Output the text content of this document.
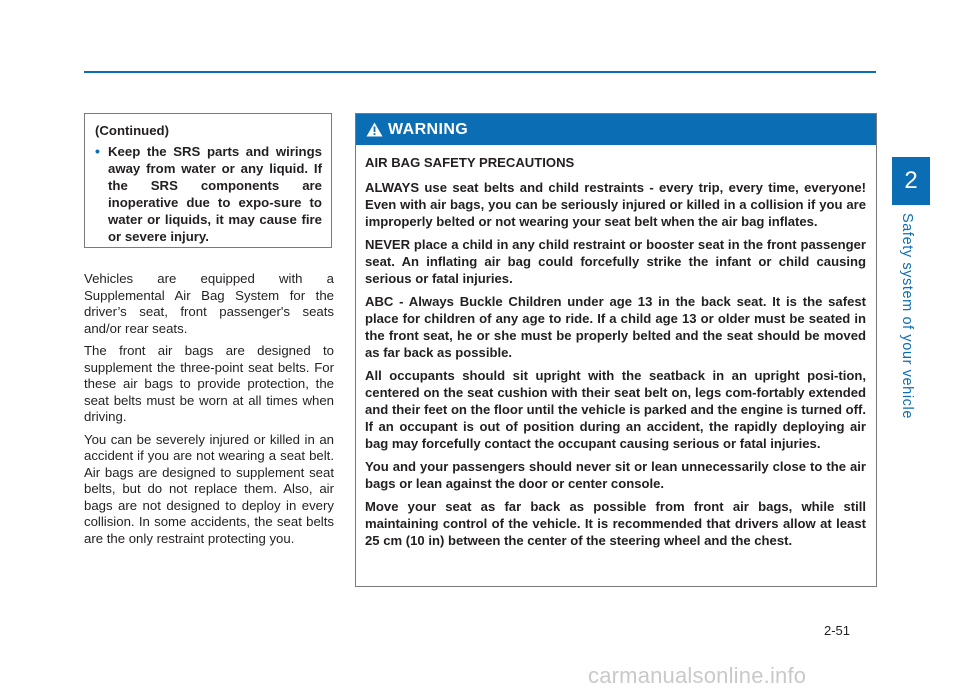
2
Safety system of your vehicle
(Continued)
• Keep the SRS parts and wirings away from water or any liquid. If the SRS components are inoperative due to expo-sure to water or liquids, it may cause fire or severe injury.

Vehicles are equipped with a Supplemental Air Bag System for the driver’s seat, front passenger's seats and/or rear seats.

The front air bags are designed to supplement the three-point seat belts. For these air bags to provide protection, the seat belts must be worn at all times when driving.

You can be severely injured or killed in an accident if you are not wearing a seat belt. Air bags are designed to supplement seat belts, but do not replace them. Also, air bags are not designed to deploy in every collision. In some accidents, the seat belts are the only restraint protecting you.

WARNING

AIR BAG SAFETY PRECAUTIONS

ALWAYS use seat belts and child restraints - every trip, every time, everyone! Even with air bags, you can be seriously injured or killed in a collision if you are improperly belted or not wearing your seat belt when the air bag inflates.

NEVER place a child in any child restraint or booster seat in the front passenger seat. An inflating air bag could forcefully strike the infant or child causing serious or fatal injuries.

ABC - Always Buckle Children under age 13 in the back seat. It is the safest place for children of any age to ride. If a child age 13 or older must be seated in the front seat, he or she must be properly belted and the seat should be moved as far back as possible.

All occupants should sit upright with the seatback in an upright posi-tion, centered on the seat cushion with their seat belt on, legs com-fortably extended and their feet on the floor until the vehicle is parked and the engine is turned off. If an occupant is out of position during an accident, the rapidly deploying air bag may forcefully contact the occupant causing serious or fatal injuries.

You and your passengers should never sit or lean unnecessarily close to the air bags or lean against the door or center console.

Move your seat as far back as possible from front air bags, while still maintaining control of the vehicle. It is recommended that drivers allow at least 25 cm (10 in) between the center of the steering wheel and the chest.

2-51
carmanualsonline.info
